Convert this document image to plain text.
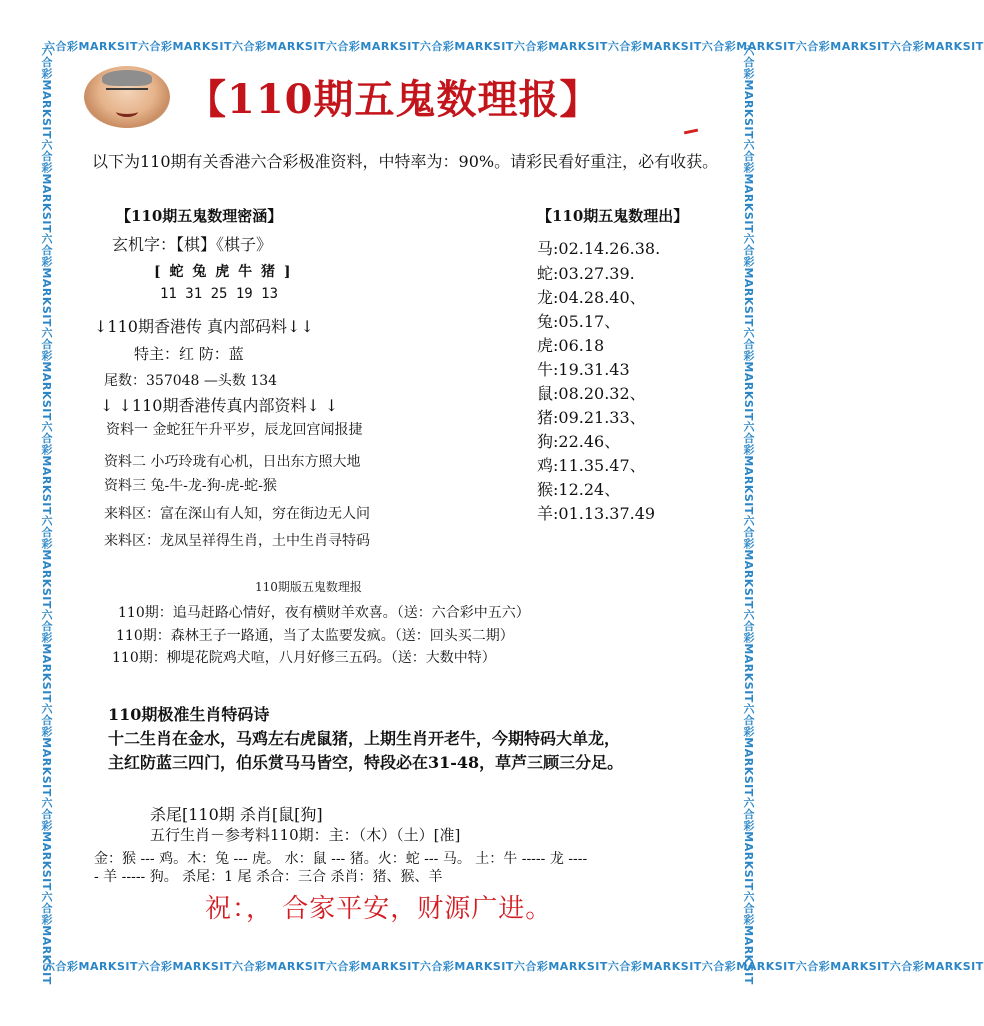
六合彩MARKSIT六合彩MARKSIT六合彩MARKSIT六合彩MARKSIT六合彩MARKSIT六合彩MARKSIT六合彩MARKSIT六合彩MARKSIT六合彩MARKSIT六合彩MARKSIT
六合彩MARKSIT六合彩MARKSIT六合彩MARKSIT六合彩MARKSIT六合彩MARKSIT六合彩MARKSIT六合彩MARKSIT六合彩MARKSIT六合彩MARKSIT六合彩MARKSIT
六合彩MARKSIT六合彩MARKSIT六合彩MARKSIT六合彩MARKSIT六合彩MARKSIT六合彩MARKSIT六合彩MARKSIT六合彩MARKSIT六合彩MARKSIT六合彩MARKSIT	六合彩MARKSIT六合彩MARKSIT六合彩MARKSIT六合彩MARKSIT六合彩MARKSIT六合彩MARKSIT六合彩MARKSIT六合彩MARKSIT六合彩MARKSIT六合彩MARKSIT
【110期五鬼数理报】
以下为110期有关香港六合彩极准资料，中特率为：90%。请彩民看好重注，必有收获。
【110期五鬼数理密涵】
玄机字：【棋】《棋子》
[ 蛇 兔 虎 牛 猪 ]
11 31 25 19 13
↓110期香港传 真内部码料↓↓
特主：红 防：蓝
尾数：357048 —头数 134
↓ ↓110期香港传真内部资料↓ ↓
资料一 金蛇狂午升平岁，辰龙回宫闻报捷
资料二 小巧玲珑有心机，日出东方照大地
资料三 兔-牛-龙-狗-虎-蛇-猴
来料区：富在深山有人知，穷在街边无人问
来料区：龙凤呈祥得生肖，土中生肖寻特码
【110期五鬼数理出】
马:02.14.26.38.
蛇:03.27.39.
龙:04.28.40、
兔:05.17、
虎:06.18
牛:19.31.43
鼠:08.20.32、
猪:09.21.33、
狗:22.46、
鸡:11.35.47、
猴:12.24、
羊:01.13.37.49
110期版五鬼数理报
110期：追马赶路心情好，夜有横财羊欢喜。（送：六合彩中五六）
110期：森林王子一路通，当了太监要发疯。（送：回头买二期）
110期：柳堤花院鸡犬喧，八月好修三五码。（送：大数中特）
110期极准生肖特码诗
十二生肖在金水，马鸡左右虎鼠猪，上期生肖开老牛，今期特码大单龙，
主红防蓝三四门，伯乐赏马马皆空，特段必在31-48，草芦三顾三分足。
杀尾[110期 杀肖[鼠[狗]
五行生肖－参考料110期：主：（木）（土）[准]
金：猴 --- 鸡。木：兔 --- 虎。 水：鼠 --- 猪。火：蛇 --- 马。 土：牛 ----- 龙 ----
- 羊 ----- 狗。 杀尾：1 尾 杀合：三合 杀肖：猪、猴、羊
祝：， 合家平安，财源广进。
